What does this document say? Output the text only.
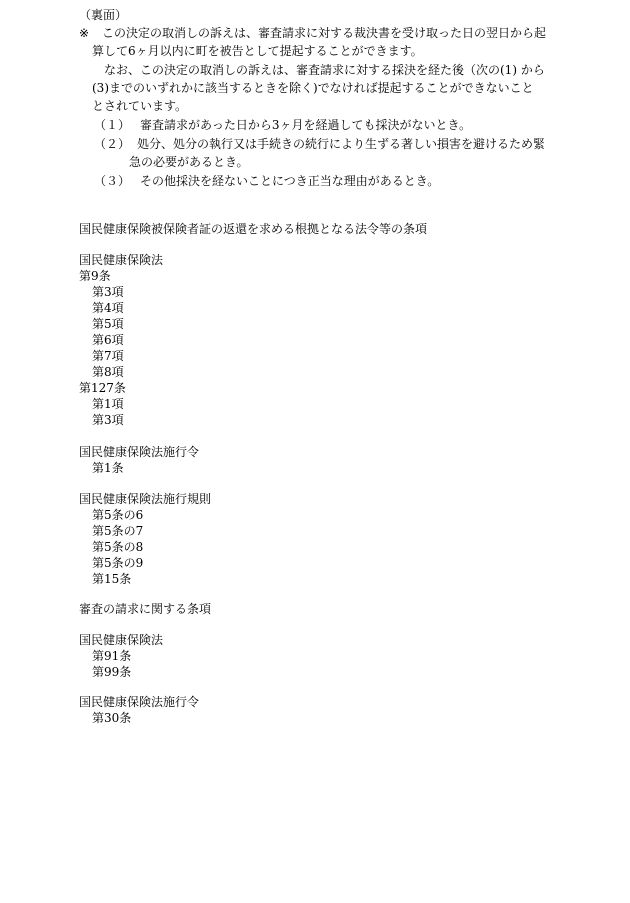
（裏面）
※ この決定の取消しの訴えは、審査請求に対する裁決書を受け取った日の翌日から起
算して6ヶ月以内に町を被告として提起することができます。
なお、この決定の取消しの訴えは、審査請求に対する採決を経た後（次の(1) から
(3)までのいずれかに該当するときを除く)でなければ提起することができないこと
とされています。
（１） 審査請求があった日から3ヶ月を経過しても採決がないとき。
（２） 処分、処分の執行又は手続きの続行により生ずる著しい損害を避けるため緊
急の必要があるとき。
（３） その他採決を経ないことにつき正当な理由があるとき。
国民健康保険被保険者証の返還を求める根拠となる法令等の条項
国民健康保険法
第9条
第3項
第4項
第5項
第6項
第7項
第8項
第127条
第1項
第3項
国民健康保険法施行令
第1条
国民健康保険法施行規則
第5条の6
第5条の7
第5条の8
第5条の9
第15条
審査の請求に関する条項
国民健康保険法
第91条
第99条
国民健康保険法施行令
第30条
